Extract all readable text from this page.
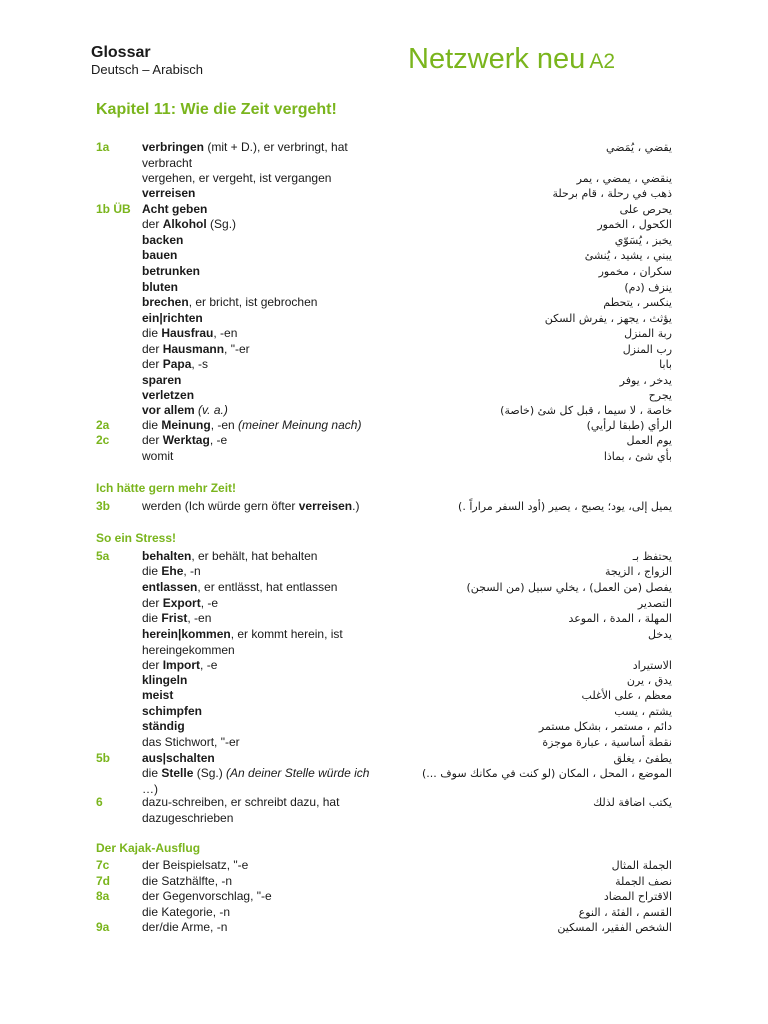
Glossar
Deutsch – Arabisch	Netzwerk neu A2
Kapitel 11: Wie die Zeit vergeht!
1a	verbringen (mit + D.), er verbringt, hat	يقضي ، يُمَضي
verbracht
vergehen, er vergeht, ist vergangen	ينقضي ، يمضي ، يمر
verreisen	ذهب في رحلة ، قام برحلة
1b ÜB Acht geben	يحرص على
der Alkohol (Sg.)	الكحول ، الخمور
backen	يخبز ، يُسَوّي
bauen	يبني ، يشيد ، يُنشئ
betrunken	سكران ، مخمور
bluten	ينزف (دم)
brechen, er bricht, ist gebrochen	ينكسر ، يتحطم
ein|richten	يؤثث ، يجهز ، يفرش السكن
die Hausfrau, -en	ربة المنزل
der Hausmann, "-er	رب المنزل
der Papa, -s	بابا
sparen	يدخر ، يوفر
verletzen	يجرح
vor allem (v. a.)	خاصة ، لا سيما ، قبل كل شئ (خاصة)
2a	die Meinung, -en (meiner Meinung nach)	الرأي (طبقا لرأيي)
2c	der Werktag, -e	يوم العمل
womit	بأي شئ ، بماذا
3b	werden (Ich würde gern öfter verreisen.)	يميل إلى، يود؛ يصبح ، يصير (أود السفر مراراً .)
5a	behalten, er behält, hat behalten	يحتفظ بـ
die Ehe, -n	الزواج ، الزيجة
entlassen, er entlässt, hat entlassen	يفصل (من العمل) ، يخلي سبيل (من السجن)
der Export, -e	التصدير
die Frist, -en	المهلة ، المدة ، الموعد
herein|kommen, er kommt herein, ist	يدخل
hereingekommen
der Import, -e	الاستيراد
klingeln	يدق ، يرن
meist	معظم ، على الأغلب
schimpfen	يشتم ، يسب
ständig	دائم ، مستمر ، بشكل مستمر
das Stichwort, "-er	نقطة أساسية ، عبارة موجزة
5b	aus|schalten	يطفئ ، يغلق
die Stelle (Sg.) (An deiner Stelle würde ich	الموضع ، المحل ، المكان (لو كنت في مكانك سوف ...)
…)
6	dazu-schreiben, er schreibt dazu, hat	يكتب اضافة لذلك
dazugeschrieben
7c	der Beispielsatz, "-e	الجملة المثال
7d	die Satzhälfte, -n	نصف الجملة
8a	der Gegenvorschlag, "-e	الاقتراح المضاد
die Kategorie, -n	القسم ، الفئة ، النوع
9a	der/die Arme, -n	الشخص الفقير، المسكين
Ich hätte gern mehr Zeit!
So ein Stress!
Der Kajak-Ausflug
